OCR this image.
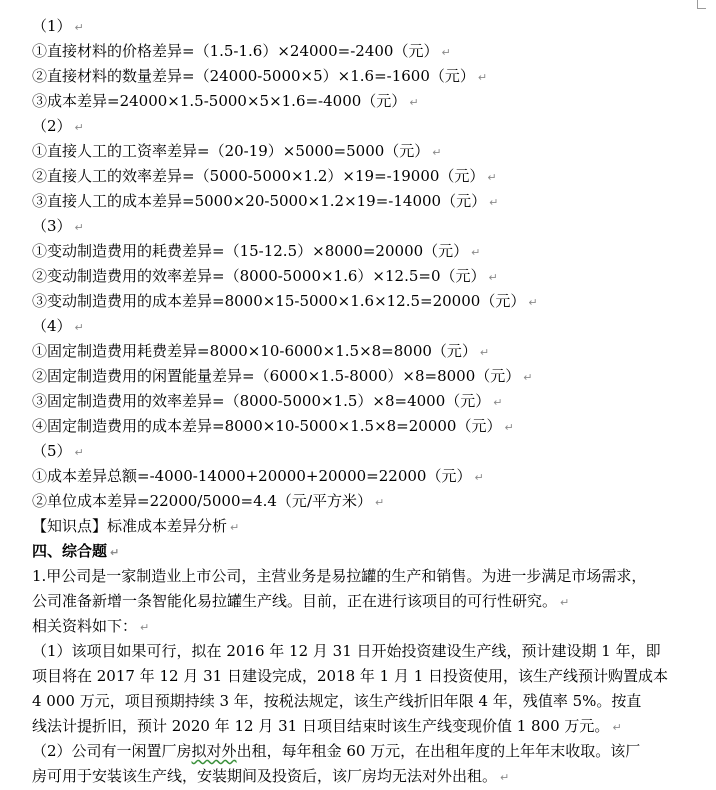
（1） ↵
①直接材料的价格差异=（1.5-1.6）×24000=-2400（元） ↵
②直接材料的数量差异=（24000-5000×5）×1.6=-1600（元） ↵
③成本差异=24000×1.5-5000×5×1.6=-4000（元） ↵
（2） ↵
①直接人工的工资率差异=（20-19）×5000=5000（元） ↵
②直接人工的效率差异=（5000-5000×1.2）×19=-19000（元） ↵
③直接人工的成本差异=5000×20-5000×1.2×19=-14000（元） ↵
（3） ↵
①变动制造费用的耗费差异=（15-12.5）×8000=20000（元） ↵
②变动制造费用的效率差异=（8000-5000×1.6）×12.5=0（元） ↵
③变动制造费用的成本差异=8000×15-5000×1.6×12.5=20000（元） ↵
（4） ↵
①固定制造费用耗费差异=8000×10-6000×1.5×8=8000（元） ↵
②固定制造费用的闲置能量差异=（6000×1.5-8000）×8=8000（元） ↵
③固定制造费用的效率差异=（8000-5000×1.5）×8=4000（元） ↵
④固定制造费用的成本差异=8000×10-5000×1.5×8=20000（元） ↵
（5） ↵
①成本差异总额=-4000-14000+20000+20000=22000（元） ↵
②单位成本差异=22000/5000=4.4（元/平方米） ↵
【知识点】标准成本差异分析 ↵
四、综合题 ↵
1.甲公司是一家制造业上市公司，主营业务是易拉罐的生产和销售。为进一步满足市场需求，
公司准备新增一条智能化易拉罐生产线。目前，正在进行该项目的可行性研究。 ↵
相关资料如下： ↵
（1）该项目如果可行，拟在 2016 年 12 月 31 日开始投资建设生产线，预计建设期 1 年，即
项目将在 2017 年 12 月 31 日建设完成，2018 年 1 月 1 日投资使用，该生产线预计购置成本
4 000 万元，项目预期持续 3 年，按税法规定，该生产线折旧年限 4 年，残值率 5%。按直
线法计提折旧，预计 2020 年 12 月 31 日项目结束时该生产线变现价值 1 800 万元。 ↵
（2）公司有一闲置厂房拟对外出租，每年租金 60 万元，在出租年度的上年年末收取。该厂
房可用于安装该生产线，安装期间及投资后，该厂房均无法对外出租。 ↵
